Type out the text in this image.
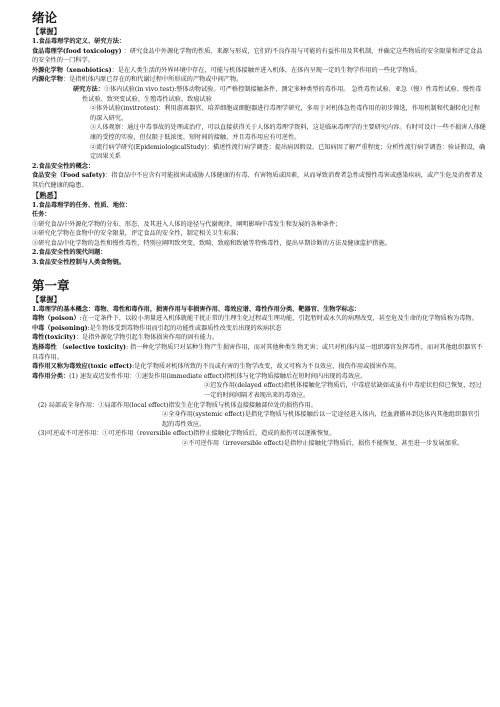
绪论
【掌握】

1.食品毒理学的定义、研究方法：

食品毒理学(food toxicology) ：研究食品中外源化学物的性质、来源与形成，它们的不良作用与可能的有益作用及其机制，并确定这些物质的安全限量和评定食品的安全性的一门科学。

外源化学物（xenobiotics)：是在人类生活的外界环境中存在、可能与机体接触并进入机体，在体内呈现一定的生物学作用的一些化学物质。

内源化学物：是指机体内原已存在的和代谢过程中所形成的产物或中间产物。

研究方法：①体内试验(in vivo test):整体动物试验。可严格控制接触条件，测定多种类型的毒作用。 急性毒性试验、亚急（慢）性毒性试验、慢性毒性试验、致突变试验、生殖毒性试验、致癌试验

②体外试验(invitrotest)：利用游离器官、培养细胞或细胞器进行毒理学研究，多用于对机体急性毒作用的初步筛选，作用机制和代谢转化过程的深入研究。

③人体观察：通过中毒事故的处理或治疗，可以直接获得关于人体的毒理学资料，这是临床毒理学的主要研究内容。有时可设计一些不损害人体健康的受控的实验，但仅限于低浓度、短时间的接触，并且毒作用应有可逆性。

④流行病学研究(EpidemiologicalStudy)：描述性流行病学调查；提出病因假设、已知病因了解严重程度；分析性流行病学调查：验证假设，确定因果关系

2.食品安全性的概念：

食品安全（Food safety)：指食品中不应含有可能损害或威胁人体健康的有毒、有害物质或因素，从而导致消费者急性或慢性毒害或感染疾病，或产生危及消费者及其后代健康的隐患。

【熟悉】

1.食品毒理学的任务、性质、地位：

任务：

①研究食品中外源化学物的分布、形态、及其进入人体的途径与代谢规律，阐明影响中毒发生和发展的各种条件；

②研究化学物在食物中的安全限量，评定食品的安全性，制定相关卫生标准；

③研究食品中化学物的急性和慢性毒性，特别应阐明致突变、致畸、致癌和致敏等特殊毒性，提出早期诊断的方法及健康监护措施。

2.食品安全性的现代问题：

3.食品安全性控制与人类食物链。

第一章
【掌握】

1.毒理学的基本概念：毒物、毒性和毒作用，损害作用与非损害作用、毒效应谱、毒性作用分类、靶器官、生物学标志：

毒物（poison）:在一定条件下，以较小剂量进入机体就能干扰正常的生理生化过程或生理功能，引起暂时或永久的病理改变，甚至危及生命的化学物质称为毒物。

中毒（poisoning):是生物体受到毒物作用而引起的功能性或器质性改变后出现的疾病状态

毒性(toxicity)：是指外源化学物引起生物体损害作用的固有能力。

选择毒性 （selective toxicity): 指一种化学物质只对某种生物产生损害作用，而对其他种类生物无害；或只对机体内某一组织器官发挥毒性，而对其他组织器官不具毒作用。

毒作用又称为毒效应(toxic effect):是化学物质对机体所致的不良或有害的生物学改变，故又可称为不良效应、损伤作用或损害作用。

毒作用分类：(1) 速发或迟发性作用：①速发作用(immediate effect)指机体与化学物质接触后在短时间内出现的毒效应。

②迟发作用(delayed effect)指机体接触化学物质后，中毒症状缺如或虽有中毒症状但似已恢复，经过一定的时间间隔才表现出来的毒效应。

(2) 局部或全身作用：①局部作用(local effect)指发生在化学物质与机体直接接触部位处的损伤作用。

②全身作用(systemic effect)是指化学物质与机体接触后以一定途径进入体内，经血液循环到达体内其他组织器官引起的毒性效应。

(3)可逆或不可逆作用：①可逆作用（reversible effect)指停止接触化学物质后，造成的损伤可以逐渐恢复。

②不可逆作用（irreversible effect)是指停止接触化学物质后，损伤不能恢复，甚至进一步发展加重。
